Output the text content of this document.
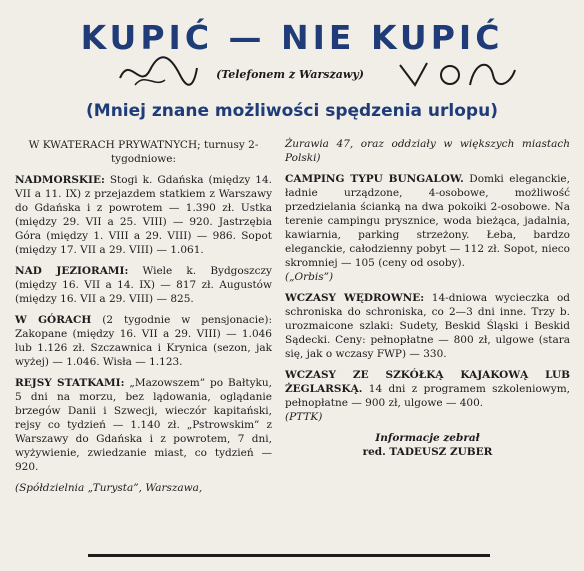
KUPIĆ — NIE KUPIĆ
(Telefonem z Warszawy)
(Mniej znane możliwości spędzenia urlopu)

W KWATERACH PRYWATNYCH; turnusy 2-tygodniowe:

NADMORSKIE: Stogi k. Gdańska (między 14. VII a 11. IX) z przejazdem statkiem z Warszawy do Gdańska i z powrotem — 1.390 zł. Ustka (między 29. VII a 25. VIII) — 920. Jastrzębia Góra (między 1. VIII a 29. VIII) — 986. Sopot (między 17. VII a 29. VIII) — 1.061.

NAD JEZIORAMI: Wiele k. Bydgoszczy (między 16. VII a 14. IX) — 817 zł. Augustów (między 16. VII a 29. VIII) — 825.

W GÓRACH (2 tygodnie w pensjonacie): Zakopane (między 16. VII a 29. VIII) — 1.046 lub 1.126 zł. Szczawnica i Krynica (sezon, jak wyżej) — 1.046. Wisła — 1.123.

REJSY STATKAMI: „Mazowszem” po Bałtyku, 5 dni na morzu, bez lądowania, oglądanie brzegów Danii i Szwecji, wieczór kapitański, rejsy co tydzień — 1.140 zł. „Pstrowskim” z Warszawy do Gdańska i z powrotem, 7 dni, wyżywienie, zwiedzanie miast, co tydzień — 920.

(Spółdzielnia „Turysta”, Warszawa,

Żurawia 47, oraz oddziały w większych miastach Polski)

CAMPING TYPU BUNGALOW. Domki eleganckie, ładnie urządzone, 4-osobowe, możliwość przedzielania ścianką na dwa pokoiki 2-osobowe. Na terenie campingu prysznice, woda bieżąca, jadalnia, kawiarnia, parking strzeżony. Łeba, bardzo eleganckie, całodzienny pobyt — 112 zł. Sopot, nieco skromniej — 105 (ceny od osoby).
(„Orbis”)

WCZASY WĘDROWNE: 14-dniowa wycieczka od schroniska do schroniska, co 2—3 dni inne. Trzy b. urozmaicone szlaki: Sudety, Beskid Śląski i Beskid Sądecki. Ceny: pełnopłatne — 800 zł, ulgowe (stara się, jak o wczasy FWP) — 330.

WCZASY ZE SZKÓŁKĄ KAJAKOWĄ LUB ŻEGLARSKĄ. 14 dni z programem szkoleniowym, pełnopłatne — 900 zł, ulgowe — 400.
(PTTK)

Informacje zebrał
red. TADEUSZ ZUBER
